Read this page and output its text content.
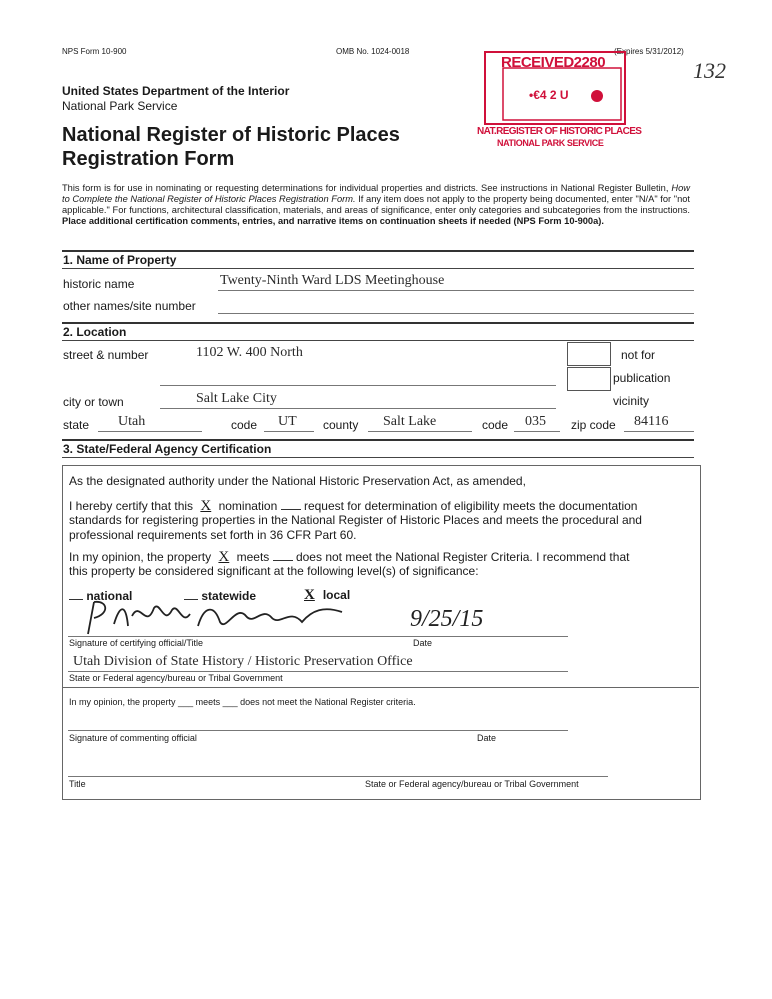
NPS Form 10-900	OMB No. 1024-0018	(Expires 5/31/2012)
132
United States Department of the Interior
National Park Service
National Register of Historic Places
Registration Form
RECEIVED2280
•€4 2 U
NAT.REGISTER OF HISTORIC PLACES
NATIONAL PARK SERVICE
This form is for use in nominating or requesting determinations for individual properties and districts. See instructions in National Register Bulletin, How to Complete the National Register of Historic Places Registration Form. If any item does not apply to the property being documented, enter "N/A" for "not applicable." For functions, architectural classification, materials, and areas of significance, enter only categories and subcategories from the instructions. Place additional certification comments, entries, and narrative items on continuation sheets if needed (NPS Form 10-900a).
1. Name of Property
historic name	Twenty-Ninth Ward LDS Meetinghouse
other names/site number
2. Location
street & number	1102 W. 400 North	not for
publication
city or town	Salt Lake City	vicinity
state Utah	code UT county Salt Lake	code 035 zip code 84116
3. State/Federal Agency Certification
As the designated authority under the National Historic Preservation Act, as amended,
I hereby certify that this X nomination  request for determination of eligibility meets the documentation
standards for registering properties in the National Register of Historic Places and meets the procedural and
professional requirements set forth in 36 CFR Part 60.
In my opinion, the property X meets  does not meet the National Register Criteria. I recommend that
this property be considered significant at the following level(s) of significance:
national	statewide	X local
9/25/15
Signature of certifying official/Title	Date
Utah Division of State History / Historic Preservation Office
State or Federal agency/bureau or Tribal Government
In my opinion, the property ___ meets ___ does not meet the National Register criteria.
Signature of commenting official	Date
Title	State or Federal agency/bureau or Tribal Government
